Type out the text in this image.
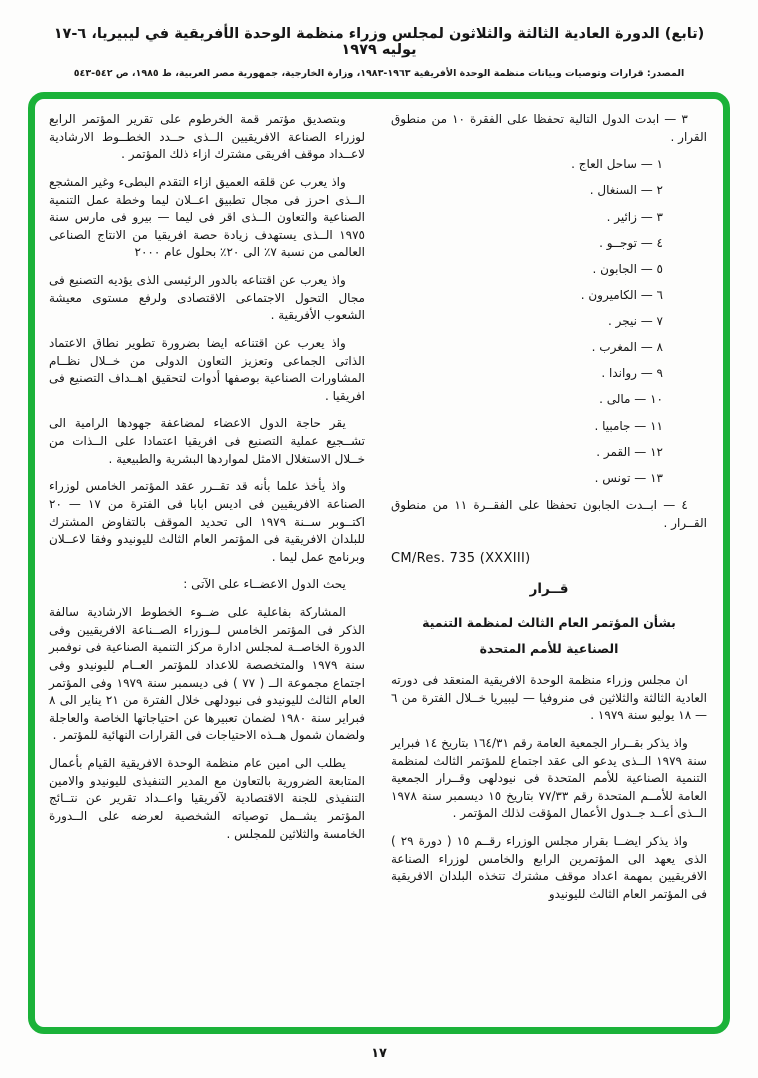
(تابع) الدورة العادية الثالثة والثلاثون لمجلس وزراء منظمة الوحدة الأفريقية في ليبيريا، ٦-١٧ يوليه ١٩٧٩
المصدر: قرارات وتوصيات وبيانات منظمة الوحدة الأفريقية ١٩٦٣-١٩٨٣، وزارة الخارجية، جمهورية مصر العربية، ط ١٩٨٥، ص ٥٤٢-٥٤٣

٣ — ابدت الدول التالية تحفظا على الفقرة ١٠ من منطوق القرار .

١ — ساحل العاج .
٢ — السنغال .
٣ — زائير .
٤ — توجــو .
٥ — الجابون .
٦ — الكاميرون .
٧ — نيجر .
٨ — المغرب .
٩ — رواندا .
١٠ — مالى .
١١ — جامبيا .
١٢ — القمر .
١٣ — تونس .

٤ — ابــدت الجابون تحفظا على الفقــرة ١١ من منطوق القــرار .

CM/Res. 735 (XXXIII)
قــرار
بشأن المؤتمر العام الثالث لمنظمة التنمية
الصناعية للأمم المتحدة

ان مجلس وزراء منظمة الوحدة الافريقية المنعقد فى دورته العادية الثالثة والثلاثين فى منروفيا — ليبيريا خــلال الفترة من ٦ — ١٨ يوليو سنة ١٩٧٩ .

واذ يذكر بقــرار الجمعية العامة رقم ١٦٤/٣١ بتاريخ ١٤ فبراير سنة ١٩٧٩ الــذى يدعو الى عقد اجتماع للمؤتمر الثالث لمنظمة التنمية الصناعية للأمم المتحدة فى نيودلهى وقــرار الجمعية العامة للأمــم المتحدة رقم ٧٧/٣٣ بتاريخ ١٥ ديسمبر سنة ١٩٧٨ الــذى أعــد جــدول الأعمال المؤقت لذلك المؤتمر .

واذ يذكر ايضــا بقرار مجلس الوزراء رقــم ١٥ ( دورة ٢٩ ) الذى يعهد الى المؤتمرين الرابع والخامس لوزراء الصناعة الافريقيين بمهمة اعداد موقف مشترك تتخذه البلدان الافريقية فى المؤتمر العام الثالث لليونيدو

وبتصديق مؤتمر قمة الخرطوم على تقرير المؤتمر الرابع لوزراء الصناعة الافريقيين الــذى حــدد الخطــوط الارشادية لاعــداد موقف افريقى مشترك ازاء ذلك المؤتمر .

واذ يعرب عن قلقه العميق ازاء التقدم البطىء وغير المشجع الــذى احرز فى مجال تطبيق اعــلان ليما وخطة عمل التنمية الصناعية والتعاون الــذى اقر فى ليما — بيرو فى مارس سنة ١٩٧٥ الــذى يستهدف زيادة حصة افريقيا من الانتاج الصناعى العالمى من نسبة ٧٪ الى ٢٠٪ بحلول عام ٢٠٠٠

واذ يعرب عن اقتناعه بالدور الرئيسى الذى يؤديه التصنيع فى مجال التحول الاجتماعى الاقتصادى ولرفع مستوى معيشة الشعوب الأفريقية .

واذ يعرب عن اقتناعه ايضا بضرورة تطوير نطاق الاعتماد الذاتى الجماعى وتعزيز التعاون الدولى من خــلال نظــام المشاورات الصناعية بوصفها أدوات لتحقيق اهــداف التصنيع فى افريقيا .

يقر حاجة الدول الاعضاء لمضاعفة جهودها الرامية الى تشــجيع عملية التصنيع فى افريقيا اعتمادا على الــذات من خــلال الاستغلال الامثل لمواردها البشرية والطبيعية .

واذ يأخذ علما بأنه قد تقــرر عقد المؤتمر الخامس لوزراء الصناعة الافريقيين فى اديس ابابا فى الفترة من ١٧ — ٢٠ اكتــوبر ســنة ١٩٧٩ الى تحديد الموقف بالتفاوض المشترك للبلدان الافريقية فى المؤتمر العام الثالث لليونيدو وفقا لاعــلان وبرنامج عمل ليما .

يحث الدول الاعضــاء على الآتى :

المشاركة بفاعلية على ضــوء الخطوط الارشادية سالفة الذكر فى المؤتمر الخامس لــوزراء الصــناعة الافريقيين وفى الدورة الخاصــة لمجلس ادارة مركز التنمية الصناعية فى نوفمبر سنة ١٩٧٩ والمتخصصة للاعداد للمؤتمر العــام لليونيدو وفى اجتماع مجموعة الــ ( ٧٧ ) فى ديسمبر سنة ١٩٧٩ وفى المؤتمر العام الثالث لليونيدو فى نيودلهى خلال الفترة من ٢١ يناير الى ٨ فبراير سنة ١٩٨٠ لضمان تعبيرها عن احتياجاتها الخاصة والعاجلة ولضمان شمول هــذه الاحتياجات فى القرارات النهائية للمؤتمر .

يطلب الى امين عام منظمة الوحدة الافريقية القيام بأعمال المتابعة الضرورية بالتعاون مع المدير التنفيذى لليونيدو والامين التنفيذى للجنة الاقتصادية لآفريقيا واعــداد تقرير عن نتــائج المؤتمر يشــمل توصياته الشخصية لعرضه على الــدورة الخامسة والثلاثين للمجلس .

١٧
